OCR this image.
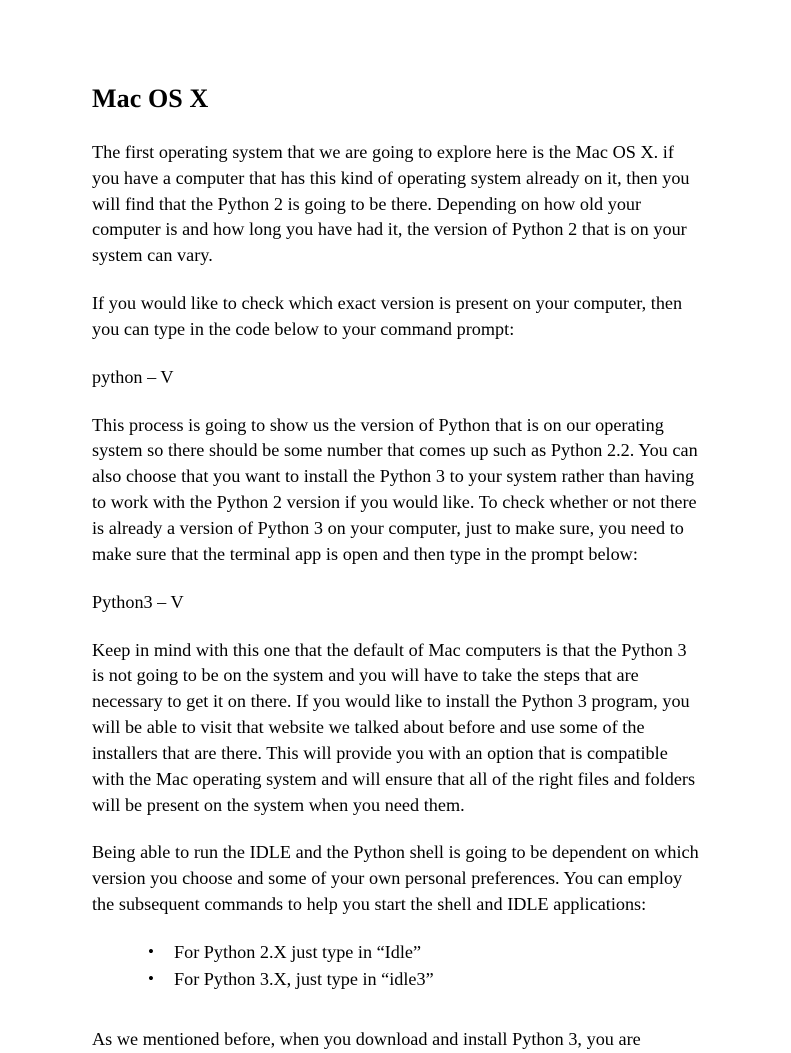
Mac OS X

The first operating system that we are going to explore here is the Mac OS X. if you have a computer that has this kind of operating system already on it, then you will find that the Python 2 is going to be there. Depending on how old your computer is and how long you have had it, the version of Python 2 that is on your system can vary.

If you would like to check which exact version is present on your computer, then you can type in the code below to your command prompt:

python – V

This process is going to show us the version of Python that is on our operating system so there should be some number that comes up such as Python 2.2. You can also choose that you want to install the Python 3 to your system rather than having to work with the Python 2 version if you would like. To check whether or not there is already a version of Python 3 on your computer, just to make sure, you need to make sure that the terminal app is open and then type in the prompt below:

Python3 – V

Keep in mind with this one that the default of Mac computers is that the Python 3 is not going to be on the system and you will have to take the steps that are necessary to get it on there. If you would like to install the Python 3 program, you will be able to visit that website we talked about before and use some of the installers that are there. This will provide you with an option that is compatible with the Mac operating system and will ensure that all of the right files and folders will be present on the system when you need them.

Being able to run the IDLE and the Python shell is going to be dependent on which version you choose and some of your own personal preferences. You can employ the subsequent commands to help you start the shell and IDLE applications:

• For Python 2.X just type in “Idle”
• For Python 3.X, just type in “idle3”

As we mentioned before, when you download and install Python 3, you are
